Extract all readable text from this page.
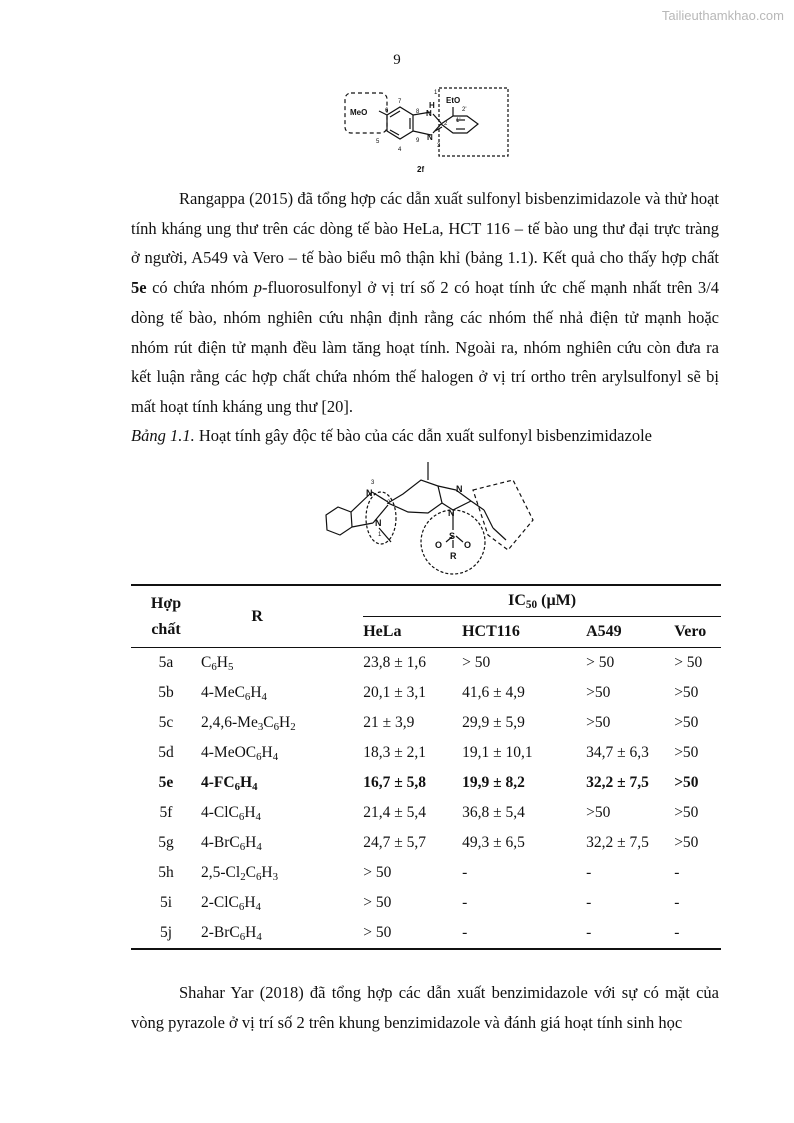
Tailieuthamkhao.com
9
MeO
EtO
H
N
N
2f
1
2
3
4
5
6
7
8
9
1'
2'

Rangappa (2015) đã tổng hợp các dẫn xuất sulfonyl bisbenzimidazole và thử hoạt tính kháng ung thư trên các dòng tế bào HeLa, HCT 116 – tế bào ung thư đại trực tràng ở người, A549 và Vero – tế bào biểu mô thận khỉ (bảng 1.1). Kết quả cho thấy hợp chất 5e có chứa nhóm p-fluorosulfonyl ở vị trí số 2 có hoạt tính ức chế mạnh nhất trên 3/4 dòng tế bào, nhóm nghiên cứu nhận định rằng các nhóm thế nhả điện tử mạnh hoặc nhóm rút điện tử mạnh đều làm tăng hoạt tính. Ngoài ra, nhóm nghiên cứu còn đưa ra kết luận rằng các hợp chất chứa nhóm thế halogen ở vị trí ortho trên arylsulfonyl sẽ bị mất hoạt tính kháng ung thư [20].

Bảng 1.1. Hoạt tính gây độc tế bào của các dẫn xuất sulfonyl bisbenzimidazole

N
N
N
N
S
O O
R
1
2
3
Hợp
chất	R	$IC_{50}$ (µM)			
		HeLa	HCT116	A549	Vero
5a	$C_6H_5$	23,8 ± 1,6	> 50	> 50	> 50
5b	$4-MeC_6H_4$	20,1 ± 3,1	41,6 ± 4,9	>50	>50
5c	$2,4,6-Me_3C_6H_2$	21 ± 3,9	29,9 ± 5,9	>50	>50
5d	$4-MeOC_6H_4$	18,3 ± 2,1	19,1 ± 10,1	34,7 ± 6,3	>50
5e	$4-FC_6H_4$	16,7 ± 5,8	19,9 ± 8,2	32,2 ± 7,5	>50
5f	$4-ClC_6H_4$	21,4 ± 5,4	36,8 ± 5,4	>50	>50
5g	$4-BrC_6H_4$	24,7 ± 5,7	49,3 ± 6,5	32,2 ± 7,5	>50
5h	$2,5-Cl_2C_6H_3$	> 50	-	-	-
5i	$2-ClC_6H_4$	> 50	-	-	-
5j	$2-BrC_6H_4$	> 50	-	-	-

Shahar Yar (2018) đã tổng hợp các dẫn xuất benzimidazole với sự có mặt của vòng pyrazole ở vị trí số 2 trên khung benzimidazole và đánh giá hoạt tính sinh học
